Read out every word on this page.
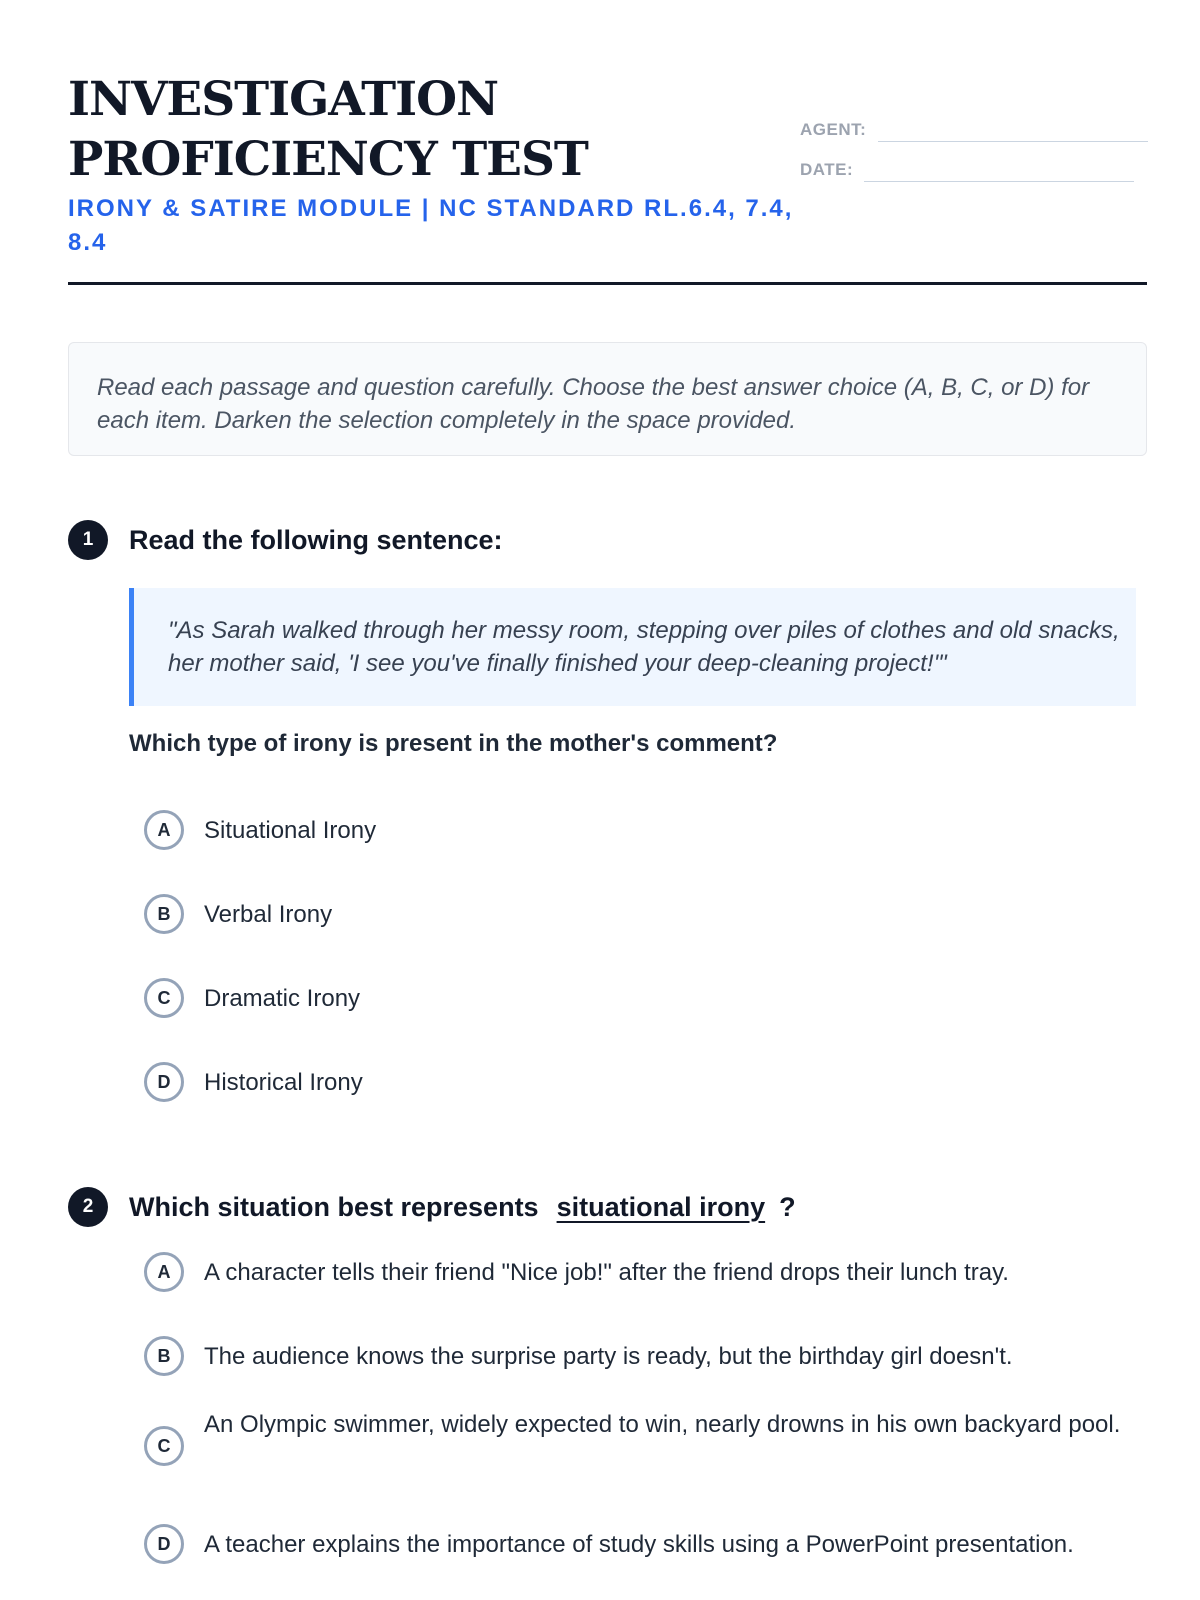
INVESTIGATION
PROFICIENCY TEST
IRONY & SATIRE MODULE | NC STANDARD RL.6.4, 7.4, 8.4
AGENT:
DATE:
Read each passage and question carefully. Choose the best answer choice (A, B, C, or D) for each item. Darken the selection completely in the space provided.
1	Read the following sentence:
"As Sarah walked through her messy room, stepping over piles of clothes and old snacks, her mother said, 'I see you've finally finished your deep-cleaning project!'"
Which type of irony is present in the mother's comment?
A	Situational Irony
B	Verbal Irony
C	Dramatic Irony
D	Historical Irony
2	Which situation best represents situational irony ?
A	A character tells their friend "Nice job!" after the friend drops their lunch tray.
B	The audience knows the surprise party is ready, but the birthday girl doesn't.
C
An Olympic swimmer, widely expected to win, nearly drowns in his own backyard pool.
D	A teacher explains the importance of study skills using a PowerPoint presentation.
